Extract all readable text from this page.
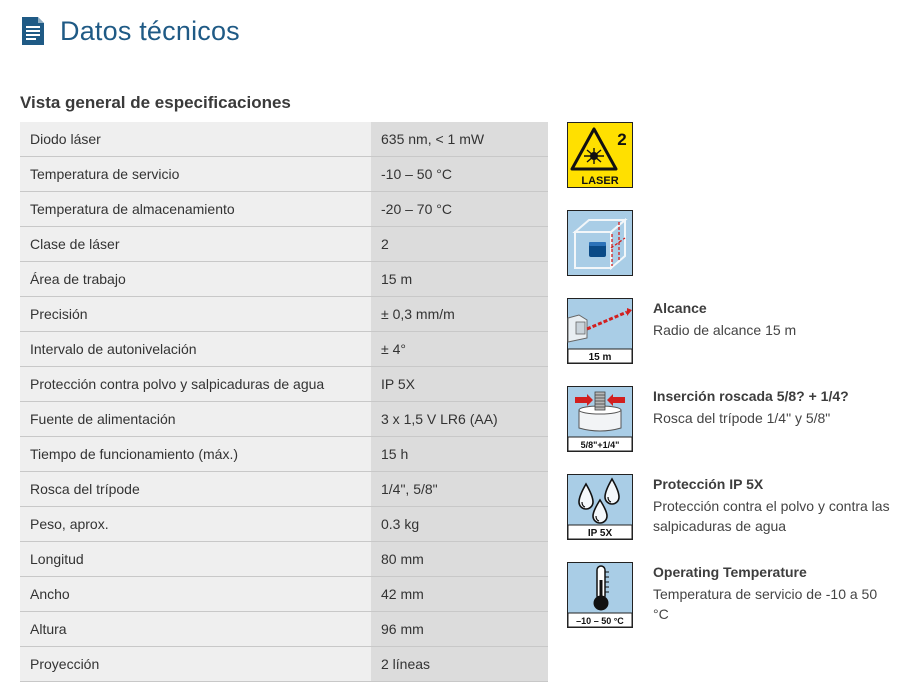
Datos técnicos
Vista general de especificaciones
Diodo láser	635 nm, < 1 mW
Temperatura de servicio	-10 – 50 °C
Temperatura de almacenamiento	-20 – 70 °C
Clase de láser	2
Área de trabajo	15 m
Precisión	± 0,3 mm/m
Intervalo de autonivelación	± 4°
Protección contra polvo y salpicaduras de agua	IP 5X
Fuente de alimentación	3 x 1,5 V LR6 (AA)
Tiempo de funcionamiento (máx.)	15 h
Rosca del trípode	1/4", 5/8"
Peso, aprox.	0.3 kg
Longitud	80 mm
Ancho	42 mm
Altura	96 mm
Proyección	2 líneas
2
LASER
15 m
Alcance
Radio de alcance 15 m
5/8"+1/4"
Inserción roscada 5/8? + 1/4?
Rosca del trípode 1/4" y 5/8"
IP 5X
Protección IP 5X
Protección contra el polvo y contra las salpicaduras de agua
–10 – 50 °C
Operating Temperature
Temperatura de servicio de -10 a 50 °C
